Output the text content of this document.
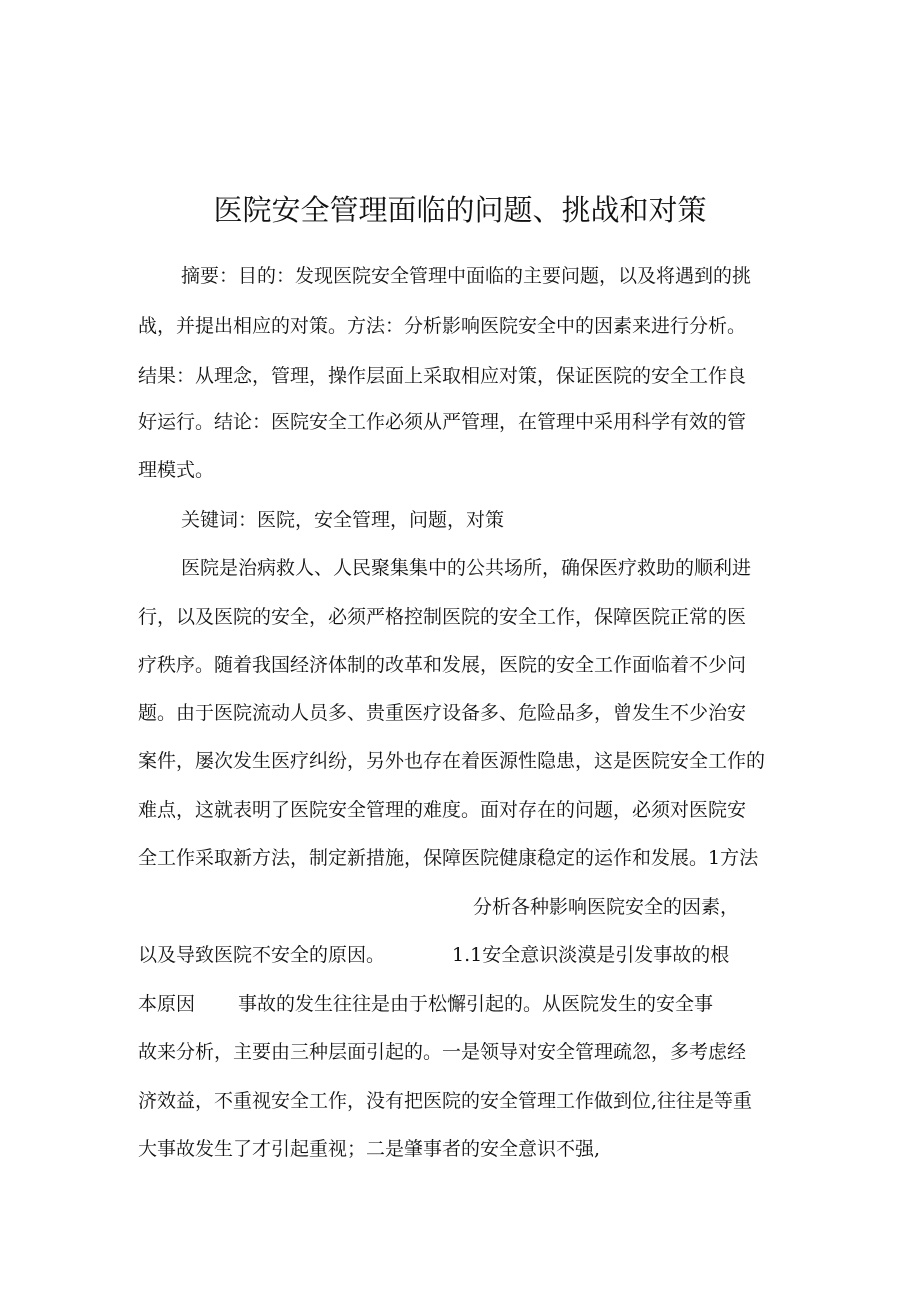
医院安全管理面临的问题、挑战和对策
摘要：目的：发现医院安全管理中面临的主要问题，以及将遇到的挑
战，并提出相应的对策。方法：分析影响医院安全中的因素来进行分析。
结果：从理念，管理，操作层面上采取相应对策，保证医院的安全工作良
好运行。结论：医院安全工作必须从严管理，在管理中采用科学有效的管
理模式。
关键词：医院，安全管理，问题，对策
医院是治病救人、人民聚集集中的公共场所，确保医疗救助的顺利进
行，以及医院的安全，必须严格控制医院的安全工作，保障医院正常的医
疗秩序。随着我国经济体制的改革和发展，医院的安全工作面临着不少问
题。由于医院流动人员多、贵重医疗设备多、危险品多，曾发生不少治安
案件，屡次发生医疗纠纷，另外也存在着医源性隐患，这是医院安全工作的
难点，这就表明了医院安全管理的难度。面对存在的问题，必须对医院安
全工作采取新方法，制定新措施，保障医院健康稳定的运作和发展。1方法
分析各种影响医院安全的因素，
以及导致医院不安全的原因。	1.1安全意识淡漠是引发事故的根
本原因 事故的发生往往是由于松懈引起的。从医院发生的安全事
故来分析，主要由三种层面引起的。一是领导对安全管理疏忽，多考虑经
济效益，不重视安全工作，没有把医院的安全管理工作做到位,往往是等重
大事故发生了才引起重视；二是肇事者的安全意识不强,
